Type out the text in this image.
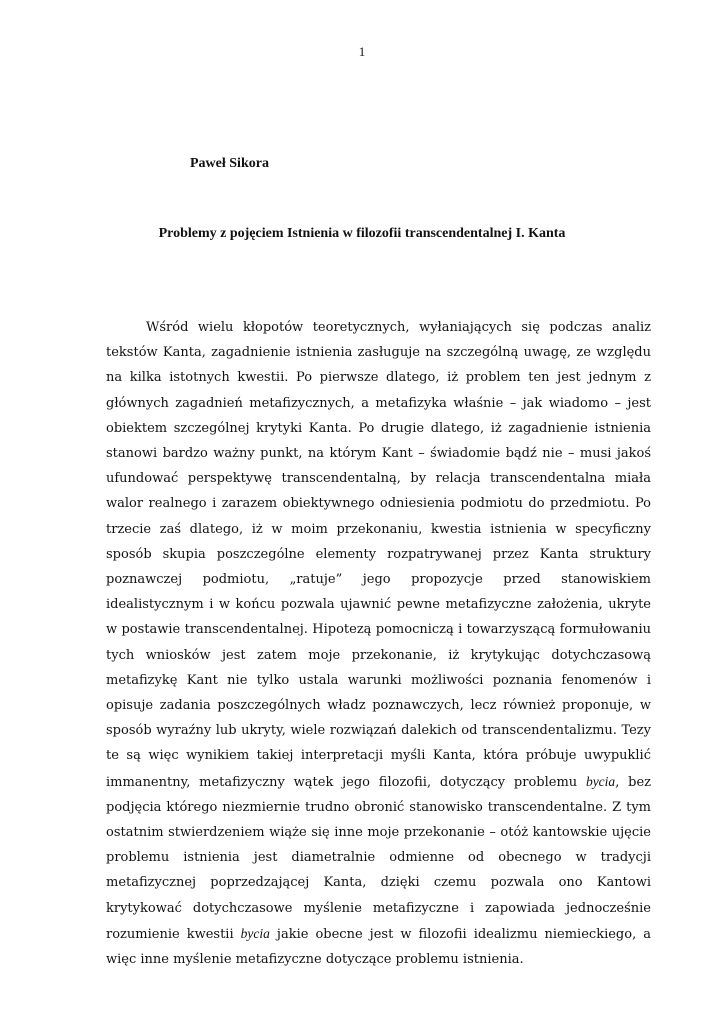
1
Paweł Sikora
Problemy z pojęciem Istnienia w filozofii transcendentalnej I. Kanta

Wśród wielu kłopotów teoretycznych, wyłaniających się podczas analiz tekstów Kanta, zagadnienie istnienia zasługuje na szczególną uwagę, ze względu na kilka istotnych kwestii. Po pierwsze dlatego, iż problem ten jest jednym z głównych zagadnień metafizycznych, a metafizyka właśnie – jak wiadomo – jest obiektem szczególnej krytyki Kanta. Po drugie dlatego, iż zagadnienie istnienia stanowi bardzo ważny punkt, na którym Kant – świadomie bądź nie – musi jakoś ufundować perspektywę transcendentalną, by relacja transcendentalna miała walor realnego i zarazem obiektywnego odniesienia podmiotu do przedmiotu. Po trzecie zaś dlatego, iż w moim przekonaniu, kwestia istnienia w specyficzny sposób skupia poszczególne elementy rozpatrywanej przez Kanta struktury poznawczej podmiotu, „ratuje” jego propozycje przed stanowiskiem idealistycznym i w końcu pozwala ujawnić pewne metafizyczne założenia, ukryte w postawie transcendentalnej. Hipotezą pomocniczą i towarzyszącą formułowaniu tych wniosków jest zatem moje przekonanie, iż krytykując dotychczasową metafizykę Kant nie tylko ustala warunki możliwości poznania fenomenów i opisuje zadania poszczególnych władz poznawczych, lecz również proponuje, w sposób wyraźny lub ukryty, wiele rozwiązań dalekich od transcendentalizmu. Tezy te są więc wynikiem takiej interpretacji myśli Kanta, która próbuje uwypuklić immanentny, metafizyczny wątek jego filozofii, dotyczący problemu bycia, bez podjęcia którego niezmiernie trudno obronić stanowisko transcendentalne. Z tym ostatnim stwierdzeniem wiąże się inne moje przekonanie – otóż kantowskie ujęcie problemu istnienia jest diametralnie odmienne od obecnego w tradycji metafizycznej poprzedzającej Kanta, dzięki czemu pozwala ono Kantowi krytykować dotychczasowe myślenie metafizyczne i zapowiada jednocześnie rozumienie kwestii bycia jakie obecne jest w filozofii idealizmu niemieckiego, a więc inne myślenie metafizyczne dotyczące problemu istnienia.
